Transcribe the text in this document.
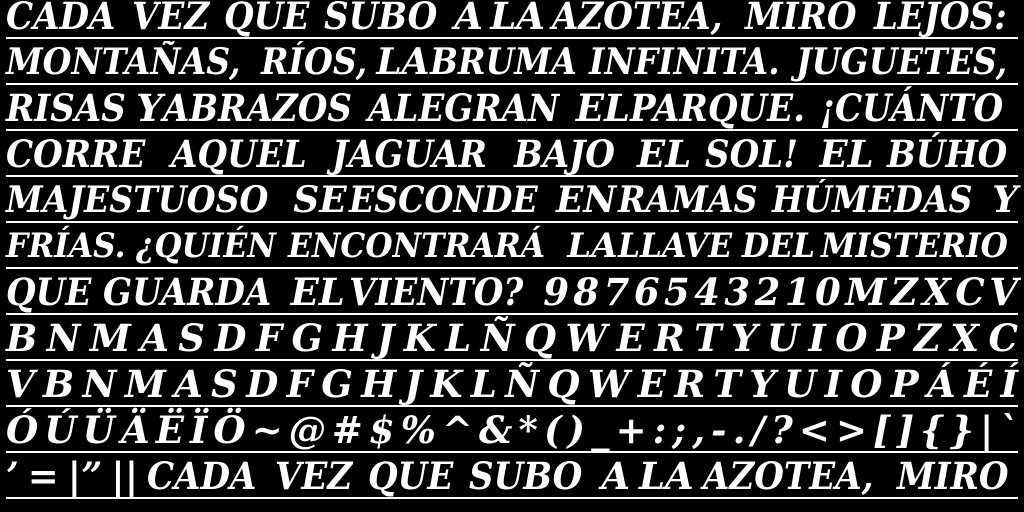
CADA VEZ QUE SUBO A LA AZOTEA, MIRO LEJOS:
MONTAÑAS, RÍOS, LA BRUMA INFINITA. JUGUETES,
RISAS Y ABRAZOS ALEGRAN EL PARQUE. ¡CUÁNTO
CORRE AQUEL JAGUAR BAJO EL SOL! EL BÚHO
MAJESTUOSO SE ESCONDE EN RAMAS HÚMEDAS Y
FRÍAS. ¿QUIÉN ENCONTRARÁ LA LLAVE DEL MISTERIO
QUE GUARDA EL VIENTO? 9 8 7 6 5 4 3 2 1 0 M Z X C V
B N M A S D F G H J K L Ñ Q W E R T Y U I O P Z X C
V B N M A S D F G H J K L Ñ Q W E R T Y U I O P Á É Í
Ó Ú Ü Ä Ë Ï Ö ~ @ # $ % ^ & * ( ) _ + : ; , - . / ? < > [ ] { } | `
’ = |” || CADA VEZ QUE SUBO A LA AZOTEA, MIRO
